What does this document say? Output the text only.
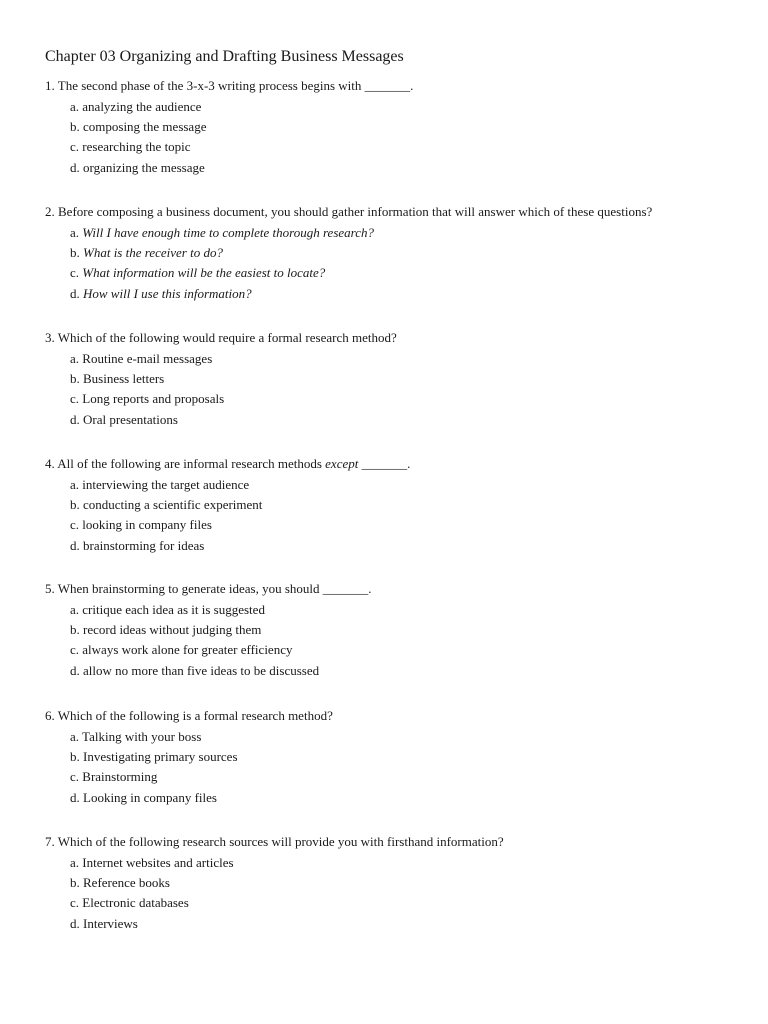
Chapter 03 Organizing and Drafting Business Messages
1. The second phase of the 3-x-3 writing process begins with _______.
a. analyzing the audience
b. composing the message
c. researching the topic
d. organizing the message
2. Before composing a business document, you should gather information that will answer which of these questions?
a. Will I have enough time to complete thorough research?
b. What is the receiver to do?
c. What information will be the easiest to locate?
d. How will I use this information?
3. Which of the following would require a formal research method?
a. Routine e-mail messages
b. Business letters
c. Long reports and proposals
d. Oral presentations
4. All of the following are informal research methods except _______.
a. interviewing the target audience
b. conducting a scientific experiment
c. looking in company files
d. brainstorming for ideas
5. When brainstorming to generate ideas, you should _______.
a. critique each idea as it is suggested
b. record ideas without judging them
c. always work alone for greater efficiency
d. allow no more than five ideas to be discussed
6. Which of the following is a formal research method?
a. Talking with your boss
b. Investigating primary sources
c. Brainstorming
d. Looking in company files
7. Which of the following research sources will provide you with firsthand information?
a. Internet websites and articles
b. Reference books
c. Electronic databases
d. Interviews
